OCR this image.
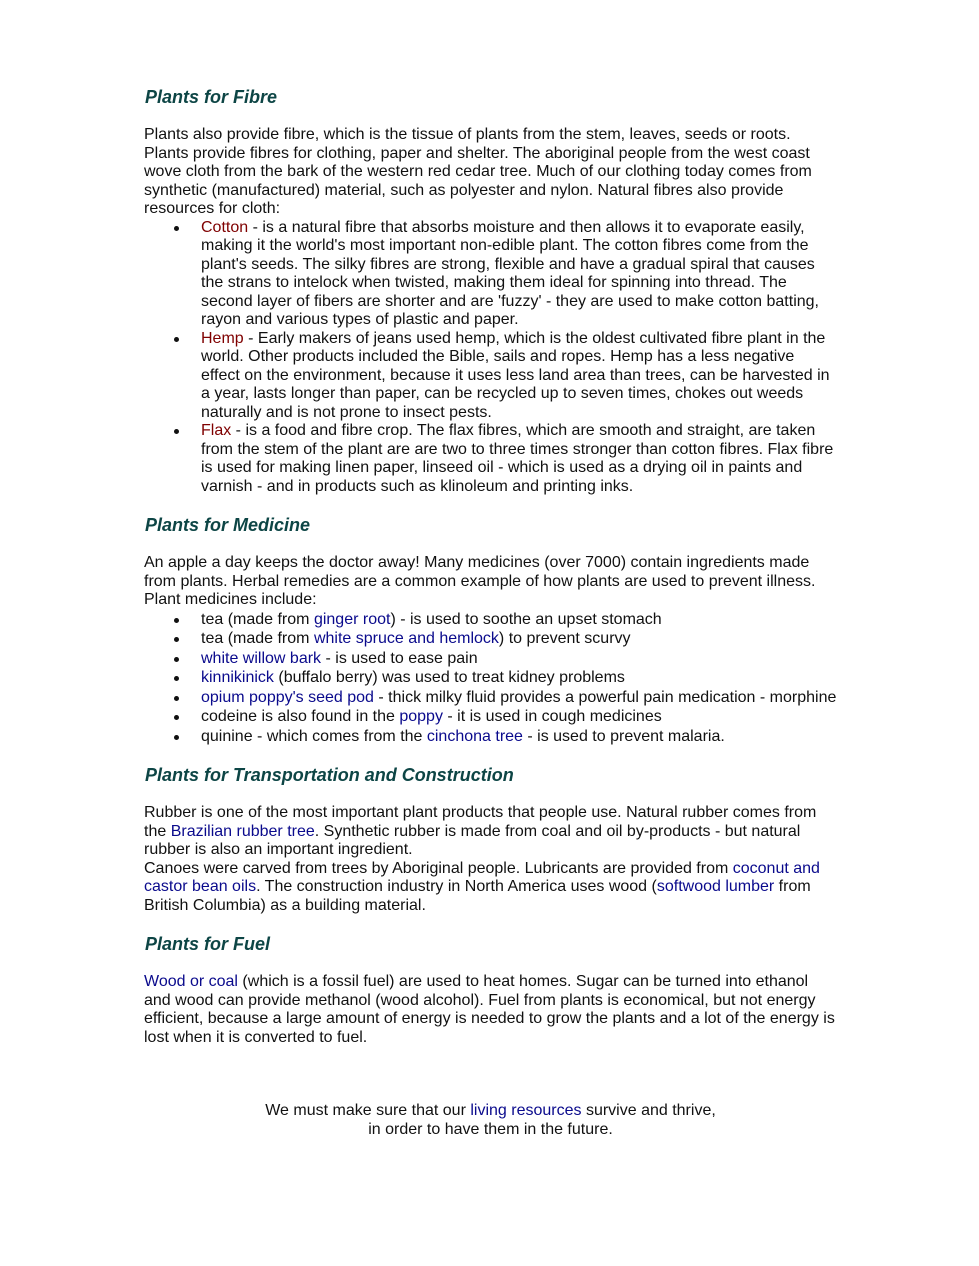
Plants for Fibre

Plants also provide fibre, which is the tissue of plants from the stem, leaves, seeds or roots. Plants provide fibres for clothing, paper and shelter. The aboriginal people from the west coast wove cloth from the bark of the western red cedar tree. Much of our clothing today comes from synthetic (manufactured) material, such as polyester and nylon. Natural fibres also provide resources for cloth:

Cotton - is a natural fibre that absorbs moisture and then allows it to evaporate easily, making it the world's most important non-edible plant. The cotton fibres come from the plant's seeds. The silky fibres are strong, flexible and have a gradual spiral that causes the strans to intelock when twisted, making them ideal for spinning into thread. The second layer of fibers are shorter and are 'fuzzy' - they are used to make cotton batting, rayon and various types of plastic and paper.
Hemp - Early makers of jeans used hemp, which is the oldest cultivated fibre plant in the world. Other products included the Bible, sails and ropes. Hemp has a less negative effect on the environment, because it uses less land area than trees, can be harvested in a year, lasts longer than paper, can be recycled up to seven times, chokes out weeds naturally and is not prone to insect pests.
Flax - is a food and fibre crop. The flax fibres, which are smooth and straight, are taken from the stem of the plant are are two to three times stronger than cotton fibres. Flax fibre is used for making linen paper, linseed oil - which is used as a drying oil in paints and varnish - and in products such as klinoleum and printing inks.
Plants for Medicine

An apple a day keeps the doctor away! Many medicines (over 7000) contain ingredients made from plants. Herbal remedies are a common example of how plants are used to prevent illness. Plant medicines include:

tea (made from ginger root) - is used to soothe an upset stomach
tea (made from white spruce and hemlock) to prevent scurvy
white willow bark - is used to ease pain
kinnikinick (buffalo berry) was used to treat kidney problems
opium poppy's seed pod - thick milky fluid provides a powerful pain medication - morphine
codeine is also found in the poppy - it is used in cough medicines
quinine - which comes from the cinchona tree - is used to prevent malaria.
Plants for Transportation and Construction

Rubber is one of the most important plant products that people use. Natural rubber comes from the Brazilian rubber tree. Synthetic rubber is made from coal and oil by-products - but natural rubber is also an important ingredient.

Canoes were carved from trees by Aboriginal people. Lubricants are provided from coconut and castor bean oils. The construction industry in North America uses wood (softwood lumber from British Columbia) as a building material.

Plants for Fuel

Wood or coal (which is a fossil fuel) are used to heat homes. Sugar can be turned into ethanol and wood can provide methanol (wood alcohol). Fuel from plants is economical, but not energy efficient, because a large amount of energy is needed to grow the plants and a lot of the energy is lost when it is converted to fuel.

We must make sure that our living resources survive and thrive,
in order to have them in the future.
